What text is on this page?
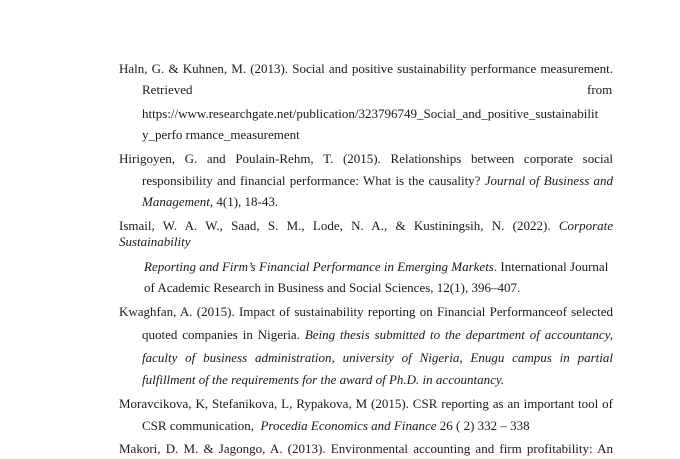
Haln, G. & Kuhnen, M. (2013). Social and positive sustainability performance measurement.
Retrieved	from
https://www.researchgate.net/publication/323796749_Social_and_positive_sustainabilit
y_perfo rmance_measurement
Hirigoyen, G. and Poulain-Rehm, T. (2015). Relationships between corporate social
responsibility and financial performance: What is the causality? Journal of Business and
Management, 4(1), 18-43.
Ismail, W. A. W., Saad, S. M., Lode, N. A., & Kustiningsih, N. (2022). Corporate
Sustainability
Reporting and Firm’s Financial Performance in Emerging Markets. International Journal
of Academic Research in Business and Social Sciences, 12(1), 396–407.
Kwaghfan, A. (2015). Impact of sustainability reporting on Financial Performanceof selected
quoted companies in Nigeria. Being thesis submitted to the department of accountancy,
faculty of business administration, university of Nigeria, Enugu campus in partial
fulfillment of the requirements for the award of Ph.D. in accountancy.
Moravcikova, K, Stefanikova, L, Rypakova, M (2015). CSR reporting as an important tool of
CSR communication, Procedia Economics and Finance 26 ( 2) 332 – 338
Makori, D. M. & Jagongo, A. (2013). Environmental accounting and firm profitability: An
